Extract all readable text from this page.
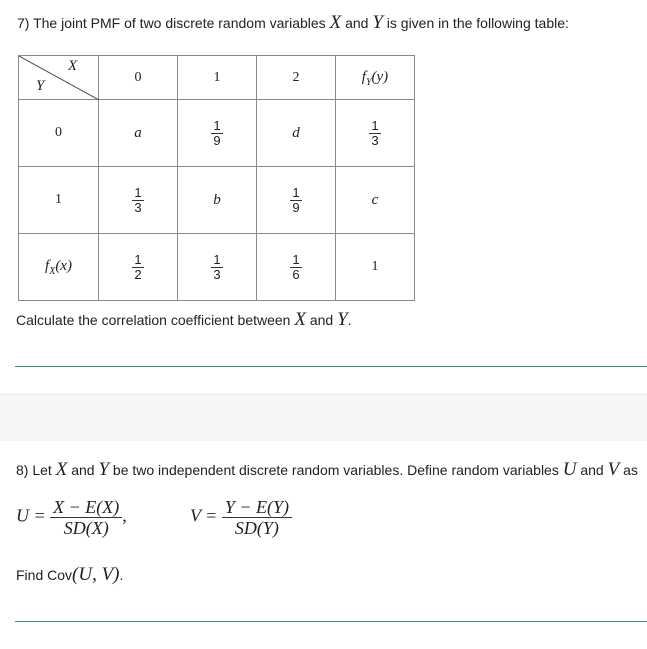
7) The joint PMF of two discrete random variables X and Y is given in the following table:
X
Y	0	1	2	$f_Y(y)$
0	a	$\frac{1}{9}$	d	$\frac{1}{3}$

1	$\frac{1}{3}$	b	$\frac{1}{9}$	c
$f_X(x)$	$\frac{1}{2}$	$\frac{1}{3}$	$\frac{1}{6}$	1
Calculate the correlation coefficient between X and Y.
8) Let X and Y be two independent discrete random variables. Define random variables U and V as
$U = \frac{X - E(X)}{SD(X)}$ ,	$V = \frac{Y - E(Y)}{SD(Y)}$
Find Cov(U, V).
